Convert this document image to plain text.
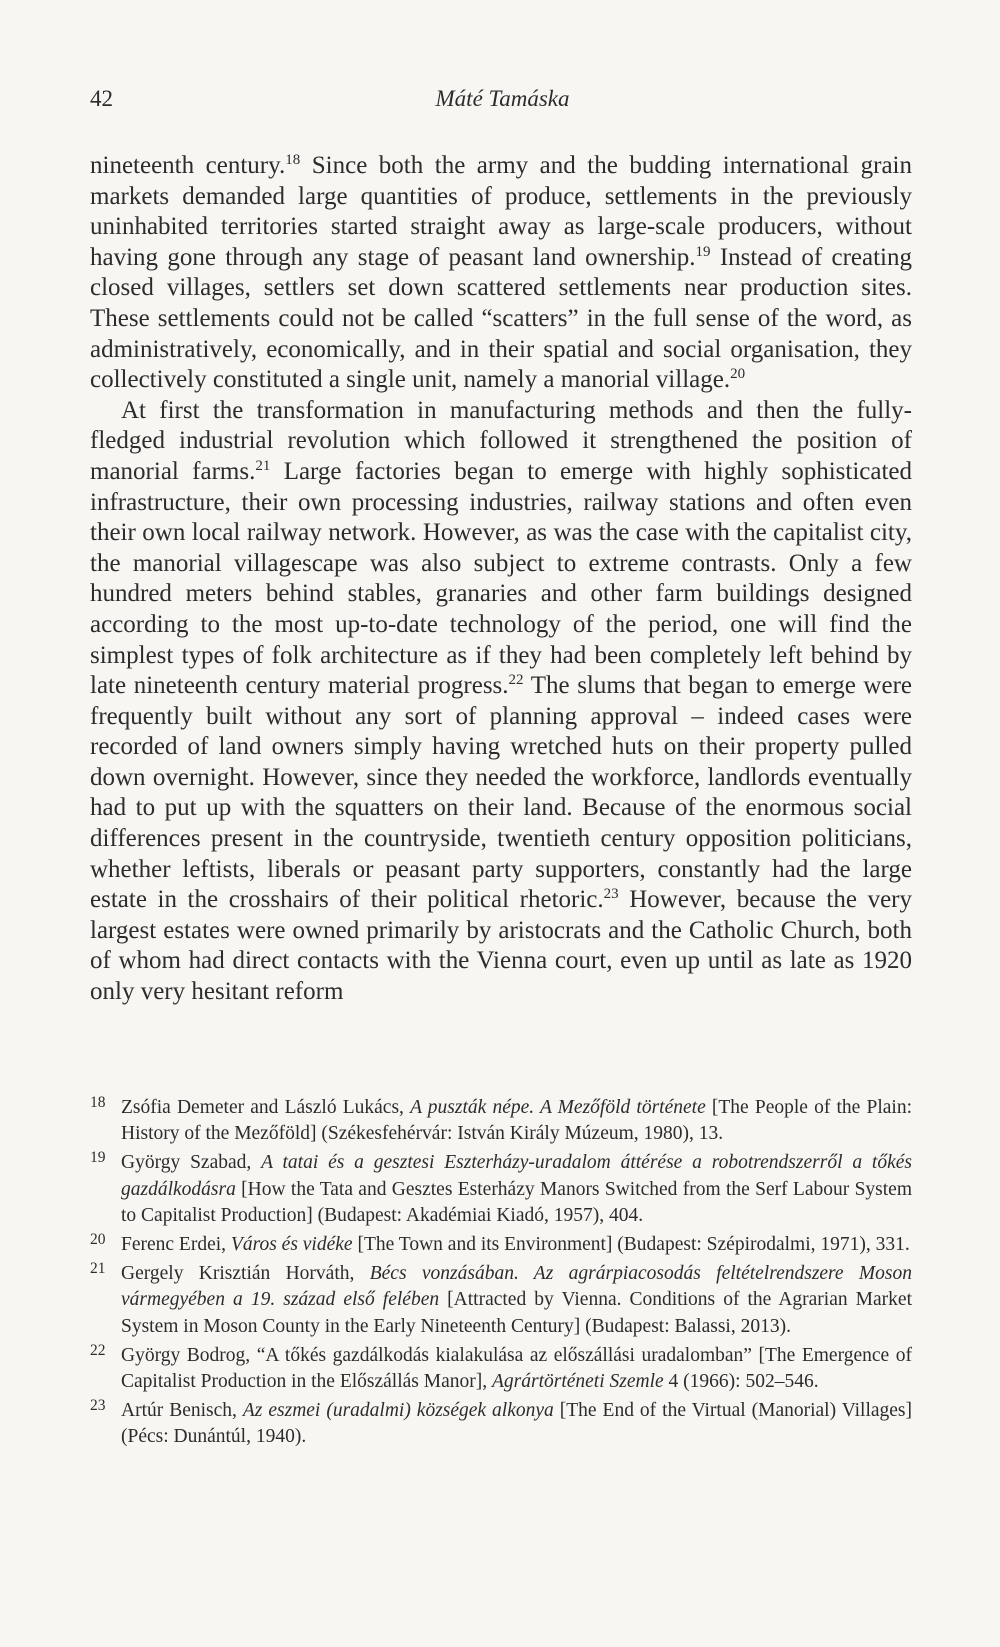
42	Máté Tamáska

nineteenth century.$^{18}$ Since both the army and the budding international grain markets demanded large quantities of produce, settlements in the previously uninhabited territories started straight away as large-scale producers, without having gone through any stage of peasant land ownership.$^{19}$ Instead of creating closed villages, settlers set down scattered settlements near production sites. These settlements could not be called “scatters” in the full sense of the word, as administratively, economically, and in their spatial and social organisation, they collectively constituted a single unit, namely a manorial village.$^{20}$

At first the transformation in manufacturing methods and then the fully-fledged industrial revolution which followed it strengthened the position of manorial farms.$^{21}$ Large factories began to emerge with highly sophisticated infrastructure, their own processing industries, railway stations and often even their own local railway network. However, as was the case with the capitalist city, the manorial villagescape was also subject to extreme contrasts. Only a few hundred meters behind stables, granaries and other farm buildings designed according to the most up-to-date technology of the period, one will find the simplest types of folk architecture as if they had been completely left behind by late nineteenth century material progress.$^{22}$ The slums that began to emerge were frequently built without any sort of planning approval – indeed cases were recorded of land owners simply having wretched huts on their property pulled down overnight. However, since they needed the workforce, landlords eventually had to put up with the squatters on their land. Because of the enormous social differences present in the countryside, twentieth century opposition politicians, whether leftists, liberals or peasant party supporters, constantly had the large estate in the crosshairs of their political rhetoric.$^{23}$ However, because the very largest estates were owned primarily by aristocrats and the Catholic Church, both of whom had direct contacts with the Vienna court, even up until as late as 1920 only very hesitant reform

18 Zsófia Demeter and László Lukács, A puszták népe. A Mezőföld története [The People of the Plain: History of the Mezőföld] (Székesfehérvár: István Király Múzeum, 1980), 13.
19 György Szabad, A tatai és a gesztesi Eszterházy-uradalom áttérése a robotrendszerről a tőkés gazdálkodásra [How the Tata and Gesztes Esterházy Manors Switched from the Serf Labour System to Capitalist Production] (Budapest: Akadémiai Kiadó, 1957), 404.
20 Ferenc Erdei, Város és vidéke [The Town and its Environment] (Budapest: Szépirodalmi, 1971), 331.
21 Gergely Krisztián Horváth, Bécs vonzásában. Az agrárpiacosodás feltételrendszere Moson vármegyében a 19. század első felében [Attracted by Vienna. Conditions of the Agrarian Market System in Moson County in the Early Nineteenth Century] (Budapest: Balassi, 2013).
22 György Bodrog, “A tőkés gazdálkodás kialakulása az előszállási uradalomban” [The Emergence of Capitalist Production in the Előszállás Manor], Agrártörténeti Szemle 4 (1966): 502–546.
23 Artúr Benisch, Az eszmei (uradalmi) községek alkonya [The End of the Virtual (Manorial) Villages] (Pécs: Dunántúl, 1940).
